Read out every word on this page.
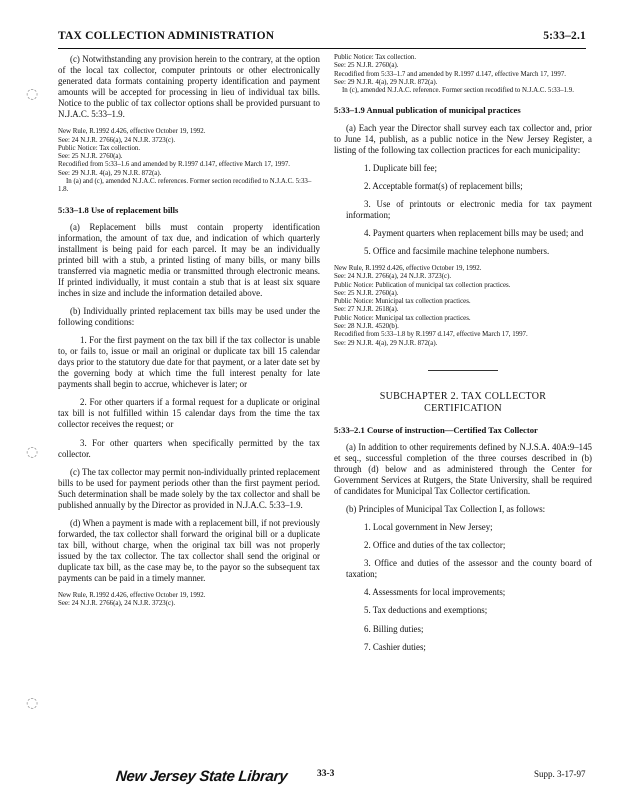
TAX COLLECTION ADMINISTRATION	5:33–2.1
◌
◌
◌

(c) Notwithstanding any provision herein to the contrary, at the option of the local tax collector, computer printouts or other electronically generated data formats containing property identification and payment amounts will be accepted for processing in lieu of individual tax bills. Notice to the public of tax collector options shall be provided pursuant to N.J.A.C. 5:33–1.9.

New Rule, R.1992 d.426, effective October 19, 1992.
See: 24 N.J.R. 2766(a), 24 N.J.R. 3723(c).
Public Notice: Tax collection.
See: 25 N.J.R. 2760(a).
Recodified from 5:33–1.6 and amended by R.1997 d.147, effective March 17, 1997.
See: 29 N.J.R. 4(a), 29 N.J.R. 872(a).
In (a) and (c), amended N.J.A.C. references. Former section recodified to N.J.A.C. 5:33–1.8.
5:33–1.8 Use of replacement bills

(a) Replacement bills must contain property identification information, the amount of tax due, and indication of which quarterly installment is being paid for each parcel. It may be an individually printed bill with a stub, a printed listing of many bills, or many bills transferred via magnetic media or transmitted through electronic means. If printed individually, it must contain a stub that is at least six square inches in size and include the information detailed above.

(b) Individually printed replacement tax bills may be used under the following conditions:

1. For the first payment on the tax bill if the tax collector is unable to, or fails to, issue or mail an original or duplicate tax bill 15 calendar days prior to the statutory due date for that payment, or a later date set by the governing body at which time the full interest penalty for late payments shall begin to accrue, whichever is later; or

2. For other quarters if a formal request for a duplicate or original tax bill is not fulfilled within 15 calendar days from the time the tax collector receives the request; or

3. For other quarters when specifically permitted by the tax collector.

(c) The tax collector may permit non-individually printed replacement bills to be used for payment periods other than the first payment period. Such determination shall be made solely by the tax collector and shall be published annually by the Director as provided in N.J.A.C. 5:33–1.9.

(d) When a payment is made with a replacement bill, if not previously forwarded, the tax collector shall forward the original bill or a duplicate tax bill, without charge, when the original tax bill was not properly issued by the tax collector. The tax collector shall send the original or duplicate tax bill, as the case may be, to the payor so the subsequent tax payments can be paid in a timely manner.

New Rule, R.1992 d.426, effective October 19, 1992.
See: 24 N.J.R. 2766(a), 24 N.J.R. 3723(c).
Public Notice: Tax collection.
See: 25 N.J.R. 2760(a).
Recodified from 5:33–1.7 and amended by R.1997 d.147, effective March 17, 1997.
See: 29 N.J.R. 4(a), 29 N.J.R. 872(a).
In (c), amended N.J.A.C. reference. Former section recodified to N.J.A.C. 5:33–1.9.
5:33–1.9 Annual publication of municipal practices

(a) Each year the Director shall survey each tax collector and, prior to June 14, publish, as a public notice in the New Jersey Register, a listing of the following tax collection practices for each municipality:

1. Duplicate bill fee;

2. Acceptable format(s) of replacement bills;

3. Use of printouts or electronic media for tax payment information;

4. Payment quarters when replacement bills may be used; and

5. Office and facsimile machine telephone numbers.

New Rule, R.1992 d.426, effective October 19, 1992.
See: 24 N.J.R. 2766(a), 24 N.J.R. 3723(c).
Public Notice: Publication of municipal tax collection practices.
See: 25 N.J.R. 2760(a).
Public Notice: Municipal tax collection practices.
See: 27 N.J.R. 2618(a).
Public Notice: Municipal tax collection practices.
See: 28 N.J.R. 4520(b).
Recodified from 5:33–1.8 by R.1997 d.147, effective March 17, 1997.
See: 29 N.J.R. 4(a), 29 N.J.R. 872(a).
SUBCHAPTER 2. TAX COLLECTOR
CERTIFICATION
5:33–2.1 Course of instruction—Certified Tax Collector

(a) In addition to other requirements defined by N.J.S.A. 40A:9–145 et seq., successful completion of the three courses described in (b) through (d) below and as administered through the Center for Government Services at Rutgers, the State University, shall be required of candidates for Municipal Tax Collector certification.

(b) Principles of Municipal Tax Collection I, as follows:

1. Local government in New Jersey;

2. Office and duties of the tax collector;

3. Office and duties of the assessor and the county board of taxation;

4. Assessments for local improvements;

5. Tax deductions and exemptions;

6. Billing duties;

7. Cashier duties;

New Jersey State Library	33-3	Supp. 3-17-97
